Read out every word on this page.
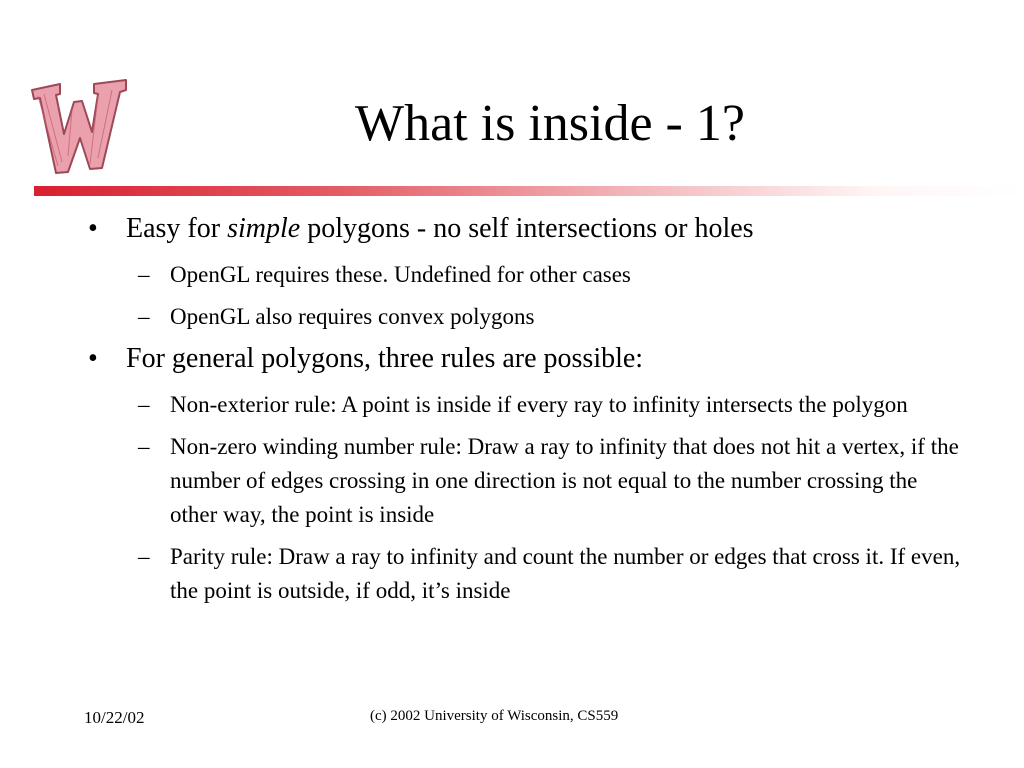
What is inside - 1?
• Easy for simple polygons - no self intersections or holes
– OpenGL requires these. Undefined for other cases
– OpenGL also requires convex polygons
• For general polygons, three rules are possible:
– Non-exterior rule: A point is inside if every ray to infinity intersects the polygon
– Non-zero winding number rule: Draw a ray to infinity that does not hit a vertex, if the number of edges crossing in one direction is not equal to the number crossing the other way, the point is inside
– Parity rule: Draw a ray to infinity and count the number or edges that cross it. If even, the point is outside, if odd, it’s inside
10/22/02	(c) 2002 University of Wisconsin, CS559
